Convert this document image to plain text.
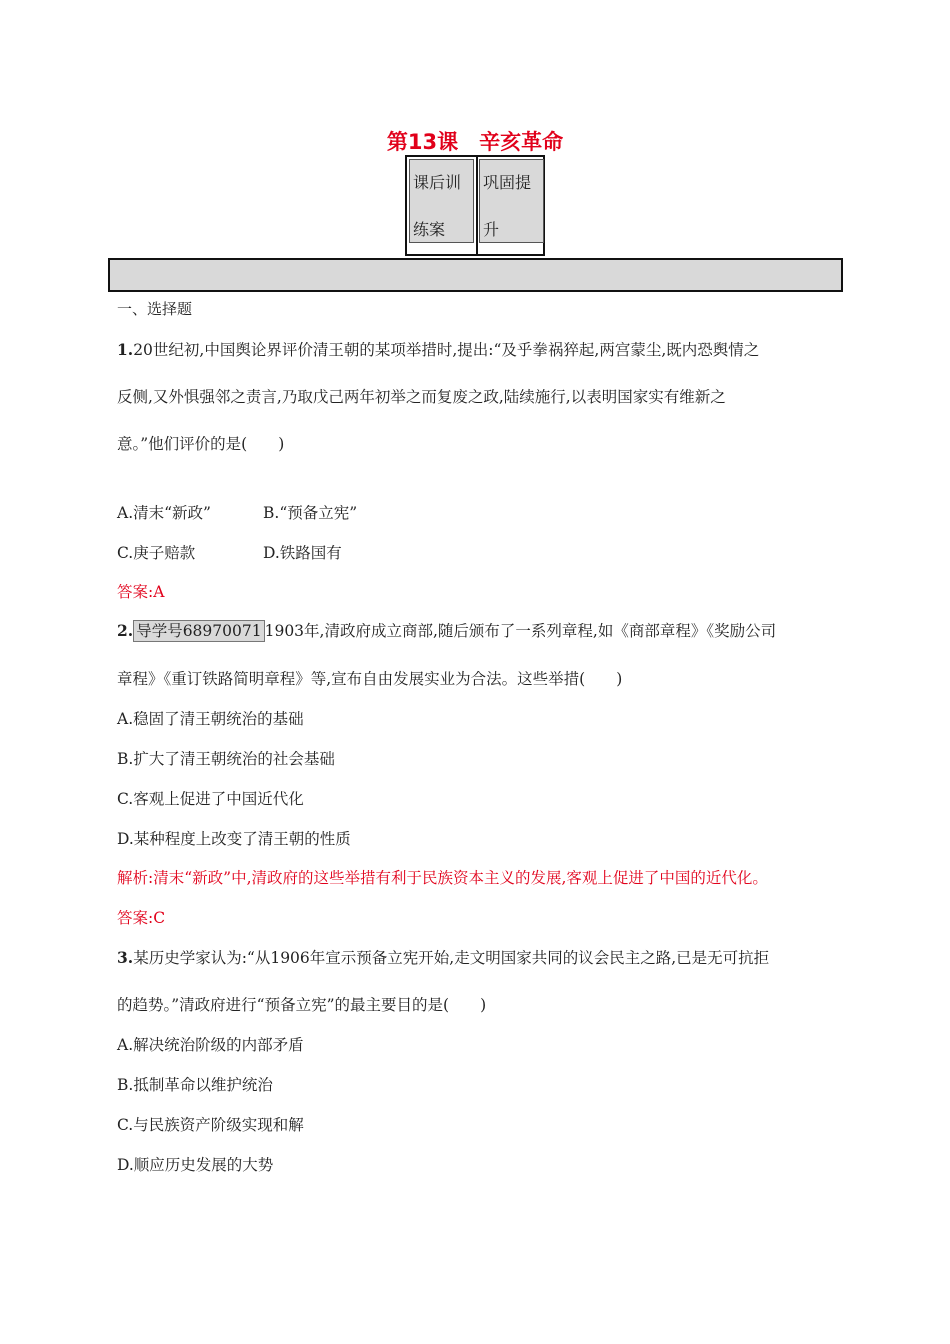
第13课　辛亥革命
课后训
练案
巩固提
升
一、选择题
1.20世纪初,中国舆论界评价清王朝的某项举措时,提出:“及乎拳祸猝起,两宫蒙尘,既内恐舆情之
反侧,又外惧强邻之责言,乃取戊己两年初举之而复废之政,陆续施行,以表明国家实有维新之
意。”他们评价的是(　　)
A.清末“新政”	B.“预备立宪”
C.庚子赔款	D.铁路国有
答案:A
2. 导学号68970071 1903年,清政府成立商部,随后颁布了一系列章程,如《商部章程》《奖励公司
章程》《重订铁路简明章程》等,宣布自由发展实业为合法。这些举措(　　)
A.稳固了清王朝统治的基础
B.扩大了清王朝统治的社会基础
C.客观上促进了中国近代化
D.某种程度上改变了清王朝的性质
解析:清末“新政”中,清政府的这些举措有利于民族资本主义的发展,客观上促进了中国的近代化。
答案:C
3.某历史学家认为:“从1906年宣示预备立宪开始,走文明国家共同的议会民主之路,已是无可抗拒
的趋势。”清政府进行“预备立宪”的最主要目的是(　　)
A.解决统治阶级的内部矛盾
B.抵制革命以维护统治
C.与民族资产阶级实现和解
D.顺应历史发展的大势
